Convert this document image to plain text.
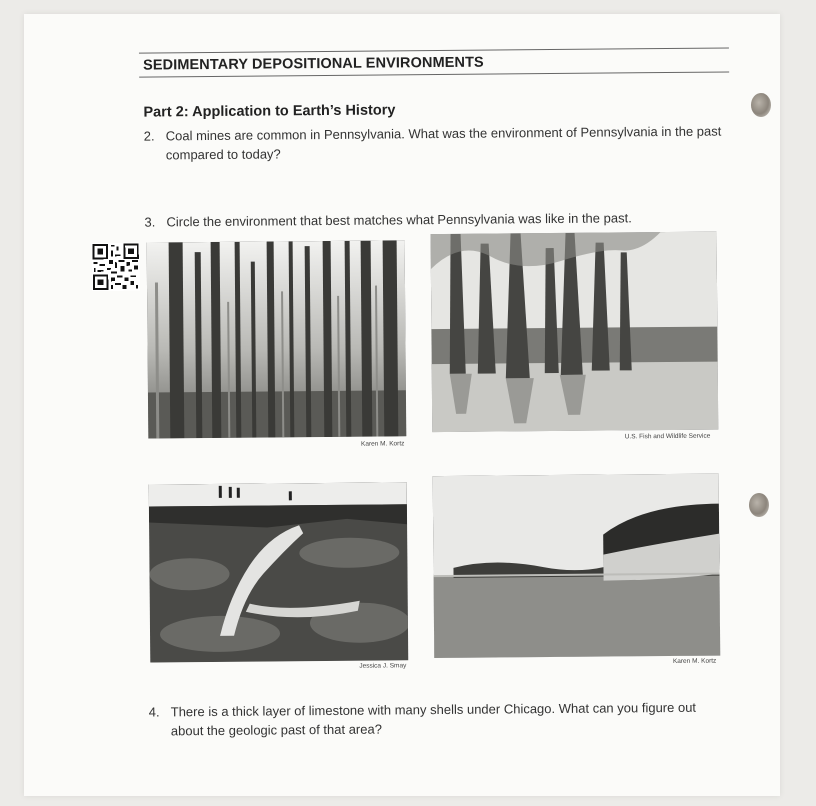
SEDIMENTARY DEPOSITIONAL ENVIRONMENTS
Part 2: Application to Earth’s History
2. Coal mines are common in Pennsylvania. What was the environment of Pennsylvania in the past compared to today?
3. Circle the environment that best matches what Pennsylvania was like in the past.
Karen M. Kortz
U.S. Fish and Wildlife Service
Jessica J. Smay
Karen M. Kortz
4. There is a thick layer of limestone with many shells under Chicago. What can you figure out about the geologic past of that area?
